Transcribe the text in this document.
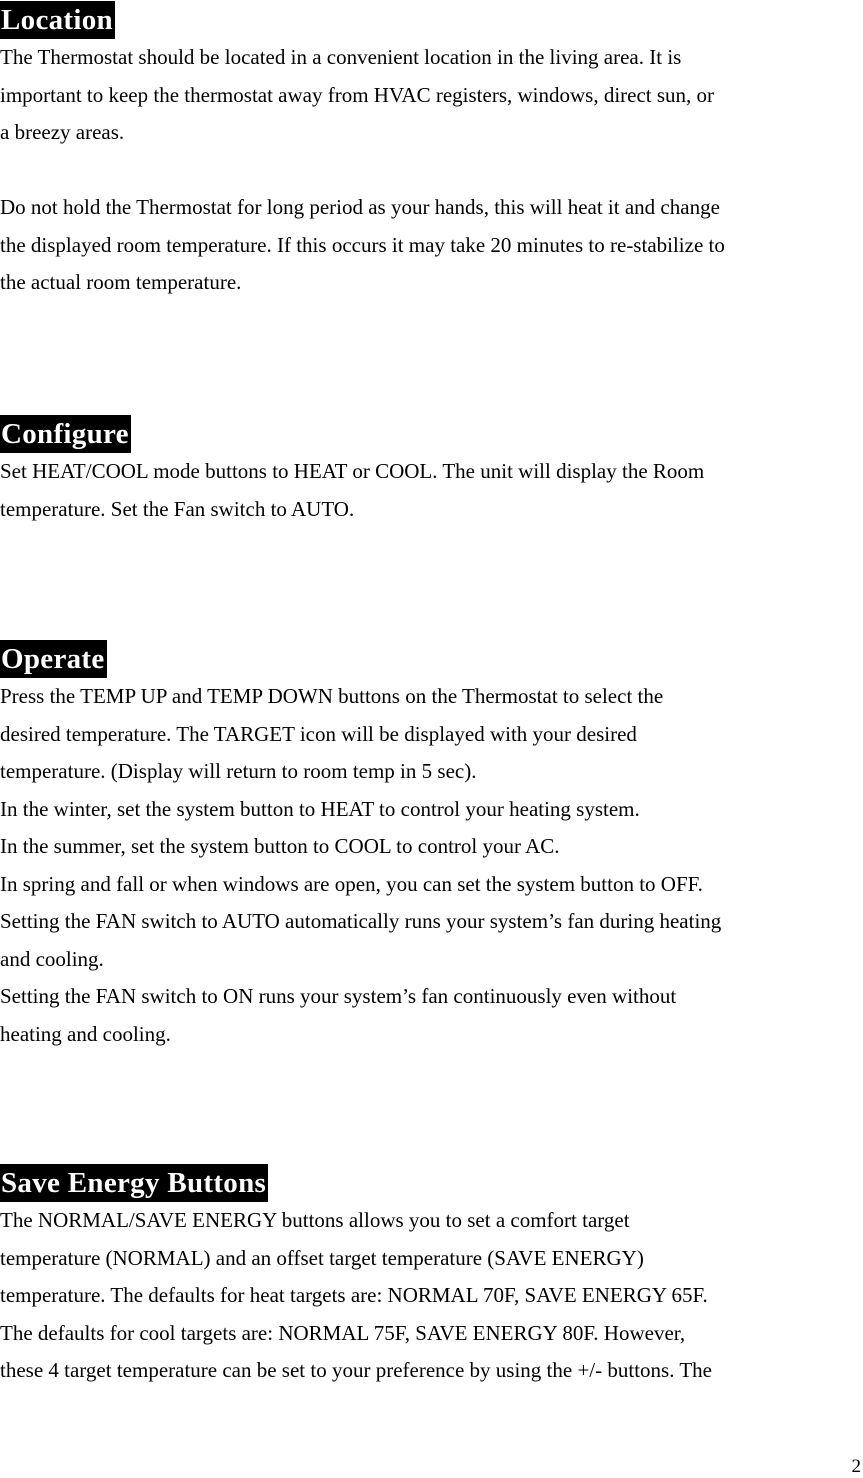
Location
The Thermostat should be located in a convenient location in the living area. It is
important to keep the thermostat away from HVAC registers, windows, direct sun, or
a breezy areas.
Do not hold the Thermostat for long period as your hands, this will heat it and change
the displayed room temperature. If this occurs it may take 20 minutes to re-stabilize to
the actual room temperature.
Configure
Set HEAT/COOL mode buttons to HEAT or COOL. The unit will display the Room
temperature. Set the Fan switch to AUTO.
Operate
Press the TEMP UP and TEMP DOWN buttons on the Thermostat to select the
desired temperature. The TARGET icon will be displayed with your desired
temperature. (Display will return to room temp in 5 sec).
In the winter, set the system button to HEAT to control your heating system.
In the summer, set the system button to COOL to control your AC.
In spring and fall or when windows are open, you can set the system button to OFF.
Setting the FAN switch to AUTO automatically runs your system’s fan during heating
and cooling.
Setting the FAN switch to ON runs your system’s fan continuously even without
heating and cooling.
Save Energy Buttons
The NORMAL/SAVE ENERGY buttons allows you to set a comfort target
temperature (NORMAL) and an offset target temperature (SAVE ENERGY)
temperature. The defaults for heat targets are: NORMAL 70F, SAVE ENERGY 65F.
The defaults for cool targets are: NORMAL 75F, SAVE ENERGY 80F. However,
these 4 target temperature can be set to your preference by using the +/- buttons. The
2
